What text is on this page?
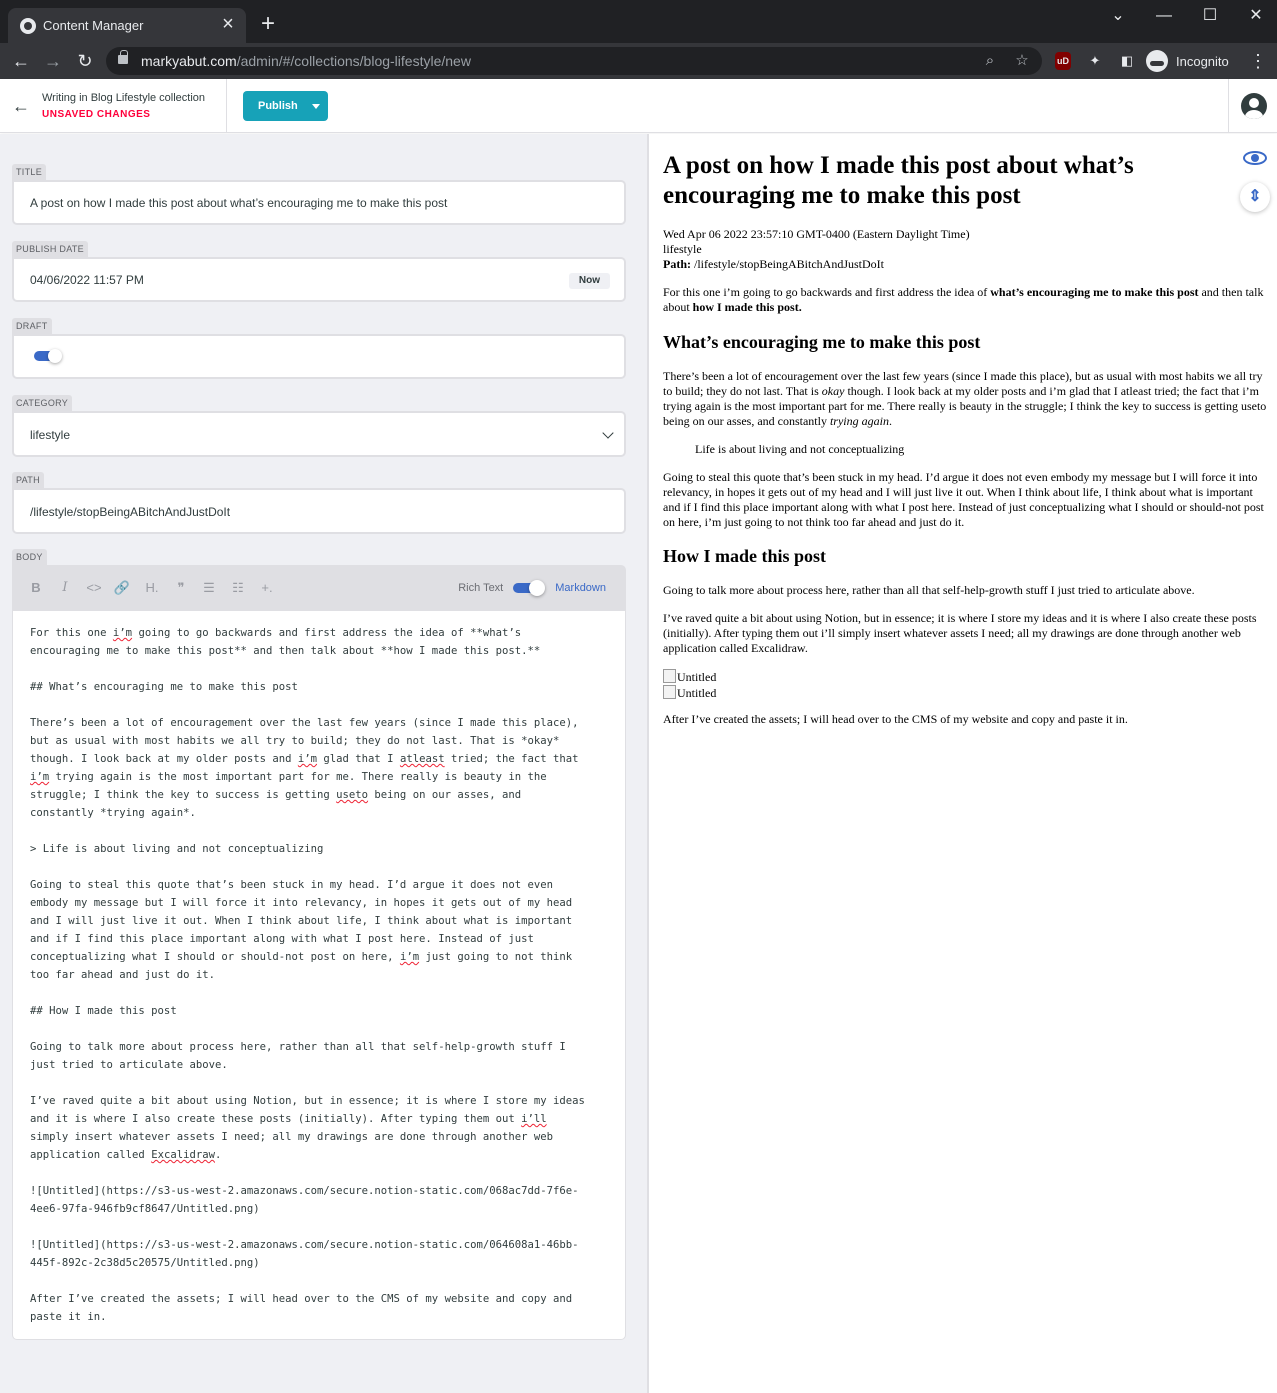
Content Manager	× +	⌄	—	☐	✕
← → ↻	markyabut.com/admin/#/collections/blog-lifestyle/new	⌕	☆	uD	✦	◧	Incognito ⋮
← Writing in Blog Lifestyle collection
UNSAVED CHANGES
Publish
TITLE
A post on how I made this post about what’s encouraging me to make this post
PUBLISH DATE
04/06/2022 11:57 PM	Now
DRAFT
CATEGORY
lifestyle
PATH
/lifestyle/stopBeingABitchAndJustDoIt
BODY
B	I	<> 🔗 H.	❞	☰	☷	+.	Rich Text	Markdown
For this one i’m going to go backwards and first address the idea of **what’s
encouraging me to make this post** and then talk about **how I made this post.**
## What’s encouraging me to make this post
There’s been a lot of encouragement over the last few years (since I made this place),
but as usual with most habits we all try to build; they do not last. That is *okay*
though. I look back at my older posts and i’m glad that I atleast tried; the fact that
i’m trying again is the most important part for me. There really is beauty in the
struggle; I think the key to success is getting useto being on our asses, and
constantly *trying again*.
> Life is about living and not conceptualizing
Going to steal this quote that’s been stuck in my head. I’d argue it does not even
embody my message but I will force it into relevancy, in hopes it gets out of my head
and I will just live it out. When I think about life, I think about what is important
and if I find this place important along with what I post here. Instead of just
conceptualizing what I should or should-not post on here, i’m just going to not think
too far ahead and just do it.
## How I made this post
Going to talk more about process here, rather than all that self-help-growth stuff I
just tried to articulate above.
I’ve raved quite a bit about using Notion, but in essence; it is where I store my ideas
and it is where I also create these posts (initially). After typing them out i’ll
simply insert whatever assets I need; all my drawings are done through another web
application called Excalidraw.
![Untitled](https://s3-us-west-2.amazonaws.com/secure.notion-static.com/068ac7dd-7f6e-
4ee6-97fa-946fb9cf8647/Untitled.png)
![Untitled](https://s3-us-west-2.amazonaws.com/secure.notion-static.com/064608a1-46bb-
445f-892c-2c38d5c20575/Untitled.png)
After I’ve created the assets; I will head over to the CMS of my website and copy and
paste it in.
A post on how I made this post about what’s encouraging me to make this post
Wed Apr 06 2022 23:57:10 GMT-0400 (Eastern Daylight Time)
lifestyle
Path: /lifestyle/stopBeingABitchAndJustDoIt
For this one i’m going to go backwards and first address the idea of what’s encouraging me to make this post and then talk about how I made this post.
What’s encouraging me to make this post
There’s been a lot of encouragement over the last few years (since I made this place), but as usual with most habits we all try to build; they do not last. That is okay though. I look back at my older posts and i’m glad that I atleast tried; the fact that i’m trying again is the most important part for me. There really is beauty in the struggle; I think the key to success is getting useto being on our asses, and constantly trying again.
Life is about living and not conceptualizing
Going to steal this quote that’s been stuck in my head. I’d argue it does not even embody my message but I will force it into relevancy, in hopes it gets out of my head and I will just live it out. When I think about life, I think about what is important and if I find this place important along with what I post here. Instead of just conceptualizing what I should or should-not post on here, i’m just going to not think too far ahead and just do it.
How I made this post
Going to talk more about process here, rather than all that self-help-growth stuff I just tried to articulate above.
I’ve raved quite a bit about using Notion, but in essence; it is where I store my ideas and it is where I also create these posts (initially). After typing them out i’ll simply insert whatever assets I need; all my drawings are done through another web application called Excalidraw.
Untitled
Untitled
After I’ve created the assets; I will head over to the CMS of my website and copy and paste it in.
⇕
